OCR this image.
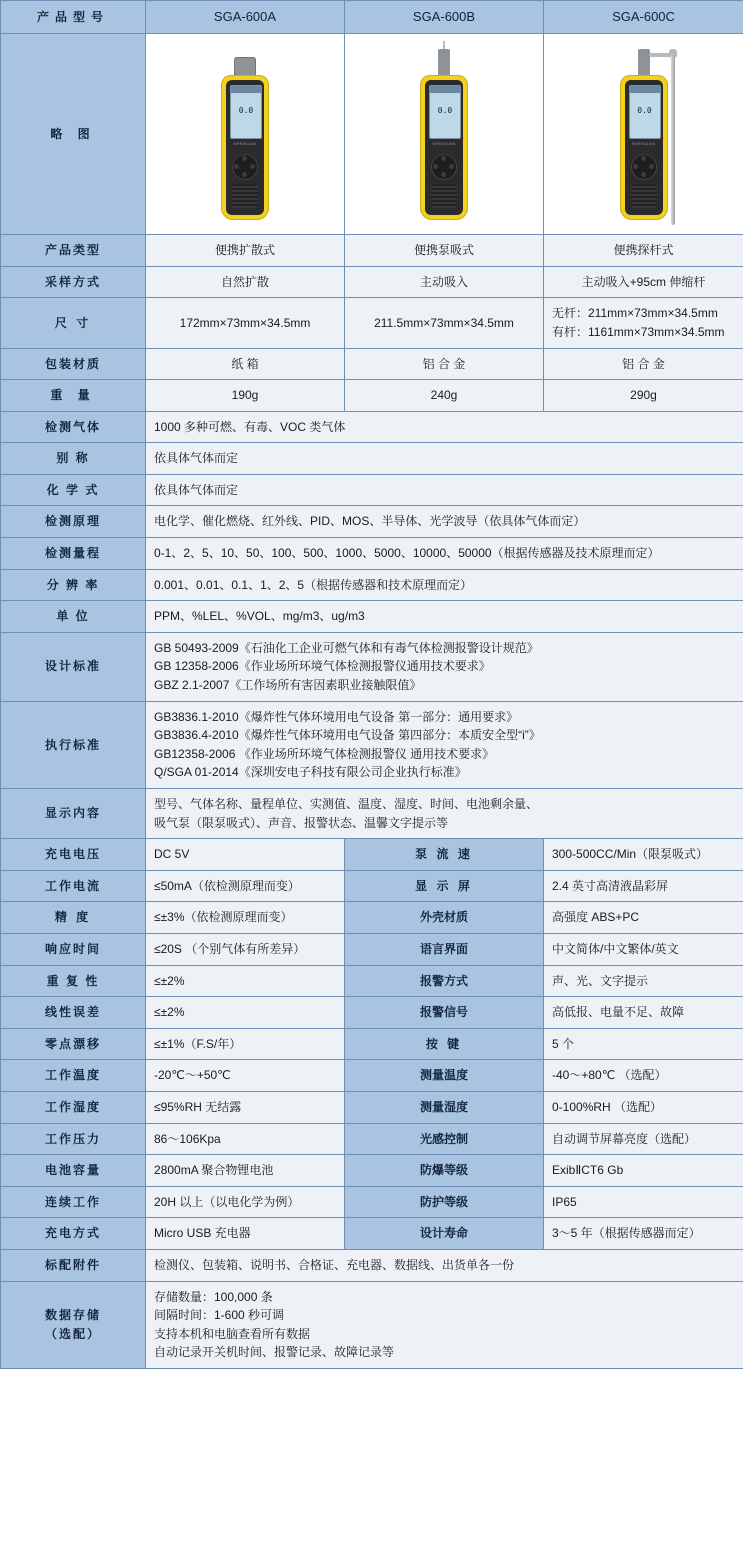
产品型号	SGA-600A	SGA-600B	SGA-600C
略 图	
0.0
SHENGAN

0.0
SHENGAN

0.0
SHENGAN

产品类型	便携扩散式	便携泵吸式	便携探杆式
采样方式	自然扩散	主动吸入	主动吸入+95cm 伸缩杆
尺 寸	172mm×73mm×34.5mm	211.5mm×73mm×34.5mm	无杆：211mm×73mm×34.5mm
有杆：1161mm×73mm×34.5mm

包装材质	纸 箱	铝 合 金	铝 合 金
重 量	190g	240g	290g
检测气体	1000 多种可燃、有毒、VOC 类气体		
别 称	依具体气体而定		
化 学 式	依具体气体而定		
检测原理	电化学、催化燃烧、红外线、PID、MOS、半导体、光学波导（依具体气体而定）		
检测量程	0-1、2、5、10、50、100、500、1000、5000、10000、50000（根据传感器及技术原理而定）		
分 辨 率	0.001、0.01、0.1、1、2、5（根据传感器和技术原理而定）		
单 位	PPM、%LEL、%VOL、mg/m3、ug/m3		
设计标准	GB 50493-2009《石油化工企业可燃气体和有毒气体检测报警设计规范》
GB 12358-2006《作业场所环境气体检测报警仪通用技术要求》
GBZ 2.1-2007《工作场所有害因素职业接触限值》		

执行标准	GB3836.1-2010《爆炸性气体环境用电气设备 第一部分：通用要求》
GB3836.4-2010《爆炸性气体环境用电气设备 第四部分：本质安全型“i”》
GB12358-2006 《作业场所环境气体检测报警仪 通用技术要求》
Q/SGA 01-2014《深圳安电子科技有限公司企业执行标准》		

显示内容	型号、气体名称、量程单位、实测值、温度、湿度、时间、电池剩余量、
吸气泵（限泵吸式）、声音、报警状态、温馨文字提示等		

充电电压	DC 5V	泵 流 速	300-500CC/Min（限泵吸式）
工作电流	≤50mA（依检测原理而变）	显 示 屏	2.4 英寸高清液晶彩屏
精 度	≤±3%（依检测原理而变）	外壳材质	高强度 ABS+PC
响应时间	≤20S （个别气体有所差异）	语言界面	中文简体/中文繁体/英文
重 复 性	≤±2%	报警方式	声、光、文字提示
线性误差	≤±2%	报警信号	高低报、电量不足、故障
零点漂移	≤±1%（F.S/年）	按 键	5 个
工作温度	-20℃～+50℃	测量温度	-40～+80℃ （选配）
工作湿度	≤95%RH 无结露	测量湿度	0-100%RH （选配）
工作压力	86～106Kpa	光感控制	自动调节屏幕亮度（选配）
电池容量	2800mA 聚合物锂电池	防爆等级	ExibⅡCT6 Gb
连续工作	20H 以上（以电化学为例）	防护等级	IP65
充电方式	Micro USB 充电器	设计寿命	3～5 年（根据传感器而定）
标配附件	检测仪、包装箱、说明书、合格证、充电器、数据线、出货单各一份		

数据存储
（选配）

存储数量：100,000 条
间隔时间：1-600 秒可调
支持本机和电脑查看所有数据
自动记录开关机时间、报警记录、故障记录等
